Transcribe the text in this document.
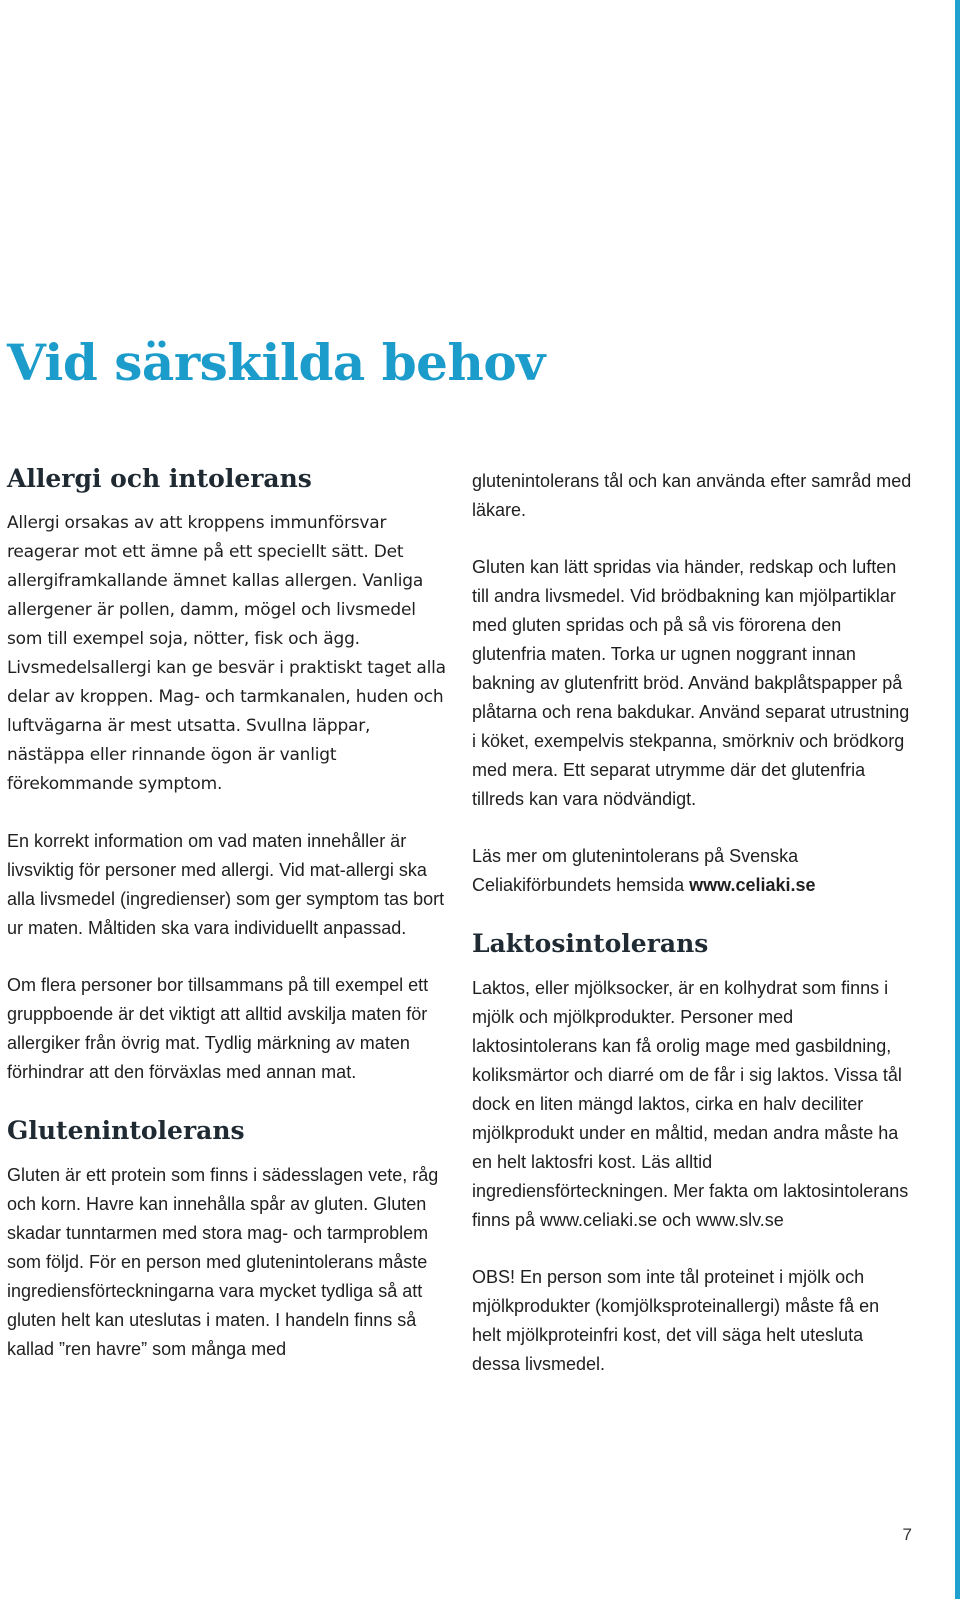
Vid särskilda behov
Allergi och intolerans

Allergi orsakas av att kroppens immunförsvar reagerar mot ett ämne på ett speciellt sätt. Det allergiframkallande ämnet kallas allergen. Vanliga allergener är pollen, damm, mögel och livsmedel som till exempel soja, nötter, fisk och ägg. Livsmedelsallergi kan ge besvär i praktiskt taget alla delar av kroppen. Mag- och tarmkanalen, huden och luftvägarna är mest utsatta. Svullna läppar, nästäppa eller rinnande ögon är vanligt förekommande symptom.

En korrekt information om vad maten innehåller är livsviktig för personer med allergi. Vid mat-allergi ska alla livsmedel (ingredienser) som ger symptom tas bort ur maten. Måltiden ska vara individuellt anpassad.

Om flera personer bor tillsammans på till exempel ett gruppboende är det viktigt att alltid avskilja maten för allergiker från övrig mat. Tydlig märkning av maten förhindrar att den förväxlas med annan mat.

Glutenintolerans

Gluten är ett protein som finns i sädesslagen vete, råg och korn. Havre kan innehålla spår av gluten. Gluten skadar tunntarmen med stora mag- och tarmproblem som följd. För en person med glutenintolerans måste ingrediensförteckningarna vara mycket tydliga så att gluten helt kan uteslutas i maten. I handeln finns så kallad ”ren havre” som många med

glutenintolerans tål och kan använda efter samråd med läkare.

Gluten kan lätt spridas via händer, redskap och luften till andra livsmedel. Vid brödbakning kan mjölpartiklar med gluten spridas och på så vis förorena den glutenfria maten. Torka ur ugnen noggrant innan bakning av glutenfritt bröd. Använd bakplåtspapper på plåtarna och rena bakdukar. Använd separat utrustning i köket, exempelvis stekpanna, smörkniv och brödkorg med mera. Ett separat utrymme där det glutenfria tillreds kan vara nödvändigt.

Läs mer om glutenintolerans på Svenska Celiakiförbundets hemsida www.celiaki.se

Laktosintolerans

Laktos, eller mjölksocker, är en kolhydrat som finns i mjölk och mjölkprodukter. Personer med laktosintolerans kan få orolig mage med gasbildning, koliksmärtor och diarré om de får i sig laktos. Vissa tål dock en liten mängd laktos, cirka en halv deciliter mjölkprodukt under en måltid, medan andra måste ha en helt laktosfri kost. Läs alltid ingrediensförteckningen. Mer fakta om laktosintolerans finns på www.celiaki.se och www.slv.se

OBS! En person som inte tål proteinet i mjölk och mjölkprodukter (komjölksproteinallergi) måste få en helt mjölkproteinfri kost, det vill säga helt utesluta dessa livsmedel.

7
